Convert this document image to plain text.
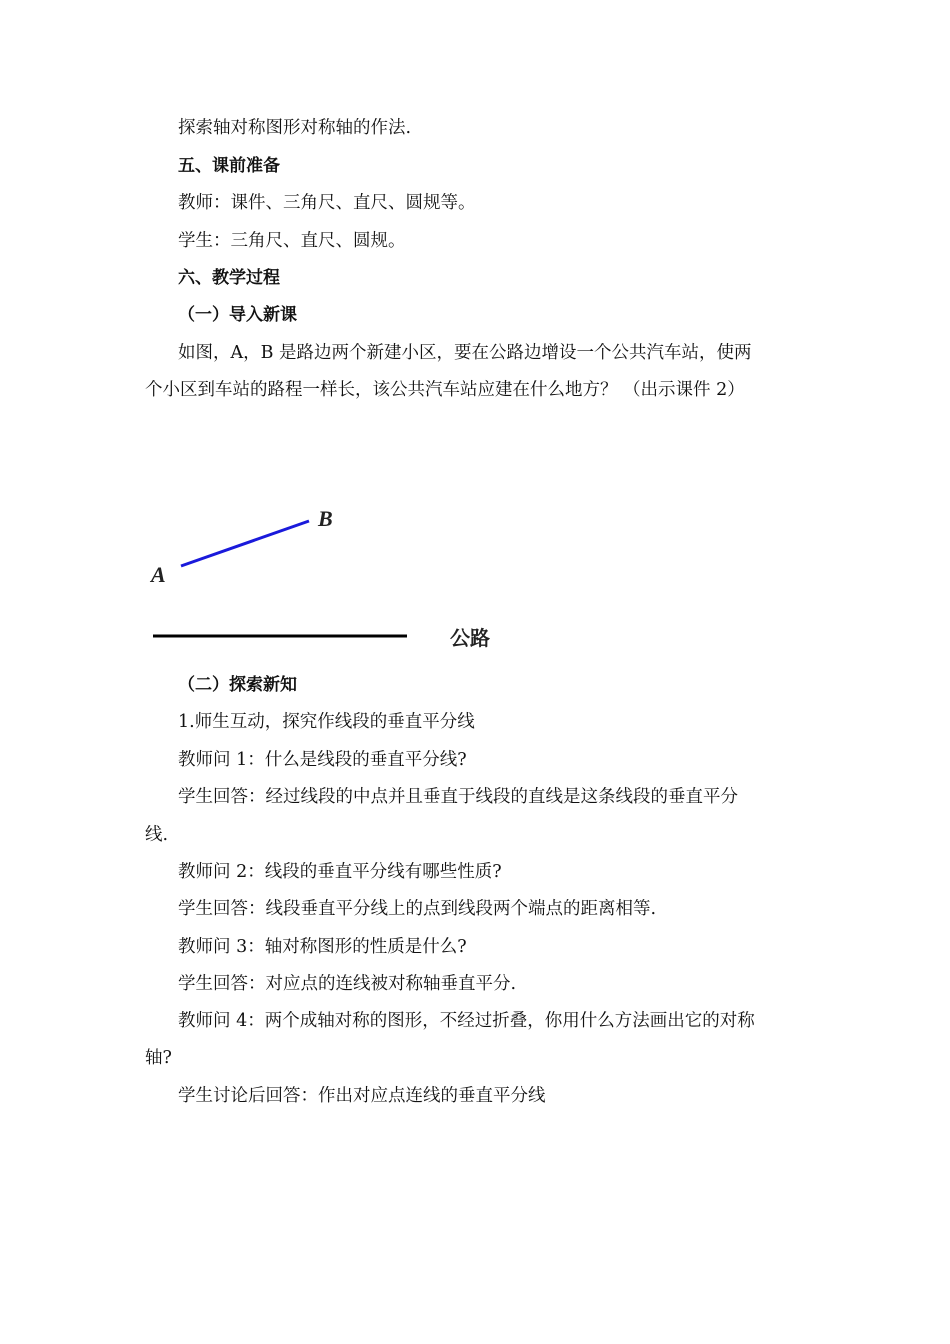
探索轴对称图形对称轴的作法.
五、课前准备
教师：课件、三角尺、直尺、圆规等。
学生：三角尺、直尺、圆规。
六、教学过程
（一）导入新课
如图，A，B 是路边两个新建小区，要在公路边增设一个公共汽车站，使两
个小区到车站的路程一样长，该公共汽车站应建在什么地方？ （出示课件 2）
B
A
公路
（二）探索新知
1.师生互动，探究作线段的垂直平分线
教师问 1：什么是线段的垂直平分线?
学生回答：经过线段的中点并且垂直于线段的直线是这条线段的垂直平分
线.
教师问 2：线段的垂直平分线有哪些性质?
学生回答：线段垂直平分线上的点到线段两个端点的距离相等.
教师问 3：轴对称图形的性质是什么?
学生回答：对应点的连线被对称轴垂直平分.
教师问 4：两个成轴对称的图形，不经过折叠，你用什么方法画出它的对称
轴?
学生讨论后回答：作出对应点连线的垂直平分线
